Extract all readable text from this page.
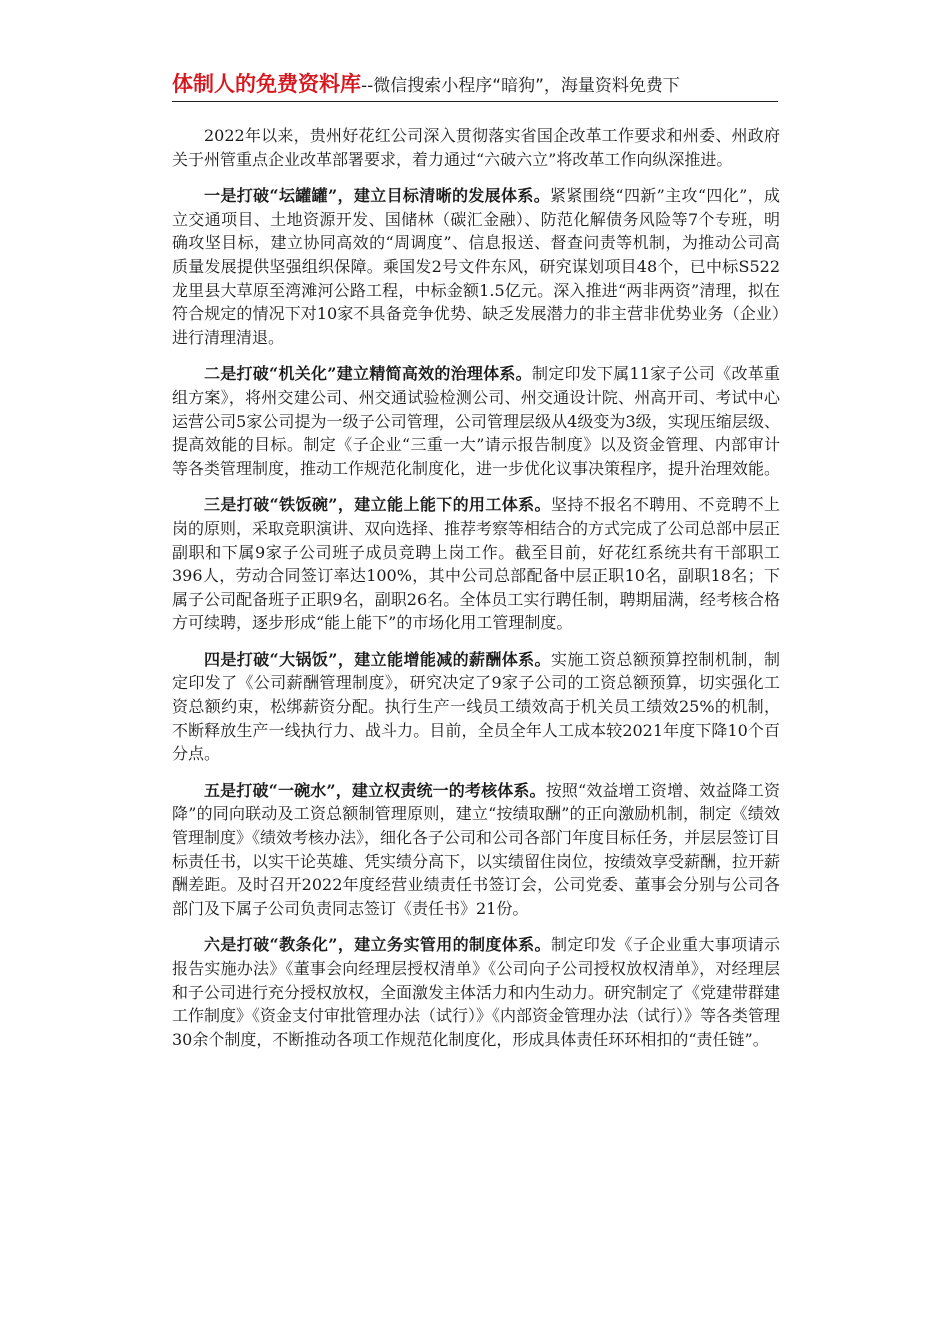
体制人的免费资料库--微信搜索小程序“暗狗”，海量资料免费下

2022年以来，贵州好花红公司深入贯彻落实省国企改革工作要求和州委、州政府关于州管重点企业改革部署要求，着力通过“六破六立”将改革工作向纵深推进。

一是打破“坛罐罐”，建立目标清晰的发展体系。紧紧围绕“四新”主攻“四化”，成立交通项目、土地资源开发、国储林（碳汇金融）、防范化解债务风险等7个专班，明确攻坚目标，建立协同高效的“周调度”、信息报送、督查问责等机制，为推动公司高质量发展提供坚强组织保障。乘国发2号文件东风，研究谋划项目48个，已中标S522龙里县大草原至湾滩河公路工程，中标金额1.5亿元。深入推进“两非两资”清理，拟在符合规定的情况下对10家不具备竞争优势、缺乏发展潜力的非主营非优势业务（企业）进行清理清退。

二是打破“机关化”建立精简高效的治理体系。制定印发下属11家子公司《改革重组方案》，将州交建公司、州交通试验检测公司、州交通设计院、州高开司、考试中心运营公司5家公司提为一级子公司管理，公司管理层级从4级变为3级，实现压缩层级、提高效能的目标。制定《子企业“三重一大”请示报告制度》以及资金管理、内部审计等各类管理制度，推动工作规范化制度化，进一步优化议事决策程序，提升治理效能。

三是打破“铁饭碗”，建立能上能下的用工体系。坚持不报名不聘用、不竞聘不上岗的原则，采取竞职演讲、双向选择、推荐考察等相结合的方式完成了公司总部中层正副职和下属9家子公司班子成员竞聘上岗工作。截至目前，好花红系统共有干部职工396人，劳动合同签订率达100%，其中公司总部配备中层正职10名，副职18名；下属子公司配备班子正职9名，副职26名。全体员工实行聘任制，聘期届满，经考核合格方可续聘，逐步形成“能上能下”的市场化用工管理制度。

四是打破“大锅饭”，建立能增能减的薪酬体系。实施工资总额预算控制机制，制定印发了《公司薪酬管理制度》，研究决定了9家子公司的工资总额预算，切实强化工资总额约束，松绑薪资分配。执行生产一线员工绩效高于机关员工绩效25%的机制，不断释放生产一线执行力、战斗力。目前，全员全年人工成本较2021年度下降10个百分点。

五是打破“一碗水”，建立权责统一的考核体系。按照“效益增工资增、效益降工资降”的同向联动及工资总额制管理原则，建立“按绩取酬”的正向激励机制，制定《绩效管理制度》《绩效考核办法》，细化各子公司和公司各部门年度目标任务，并层层签订目标责任书，以实干论英雄、凭实绩分高下，以实绩留住岗位，按绩效享受薪酬，拉开薪酬差距。及时召开2022年度经营业绩责任书签订会，公司党委、董事会分别与公司各部门及下属子公司负责同志签订《责任书》21份。

六是打破“教条化”，建立务实管用的制度体系。制定印发《子企业重大事项请示报告实施办法》《董事会向经理层授权清单》《公司向子公司授权放权清单》，对经理层和子公司进行充分授权放权，全面激发主体活力和内生动力。研究制定了《党建带群建工作制度》《资金支付审批管理办法（试行）》《内部资金管理办法（试行）》等各类管理30余个制度，不断推动各项工作规范化制度化，形成具体责任环环相扣的“责任链”。
